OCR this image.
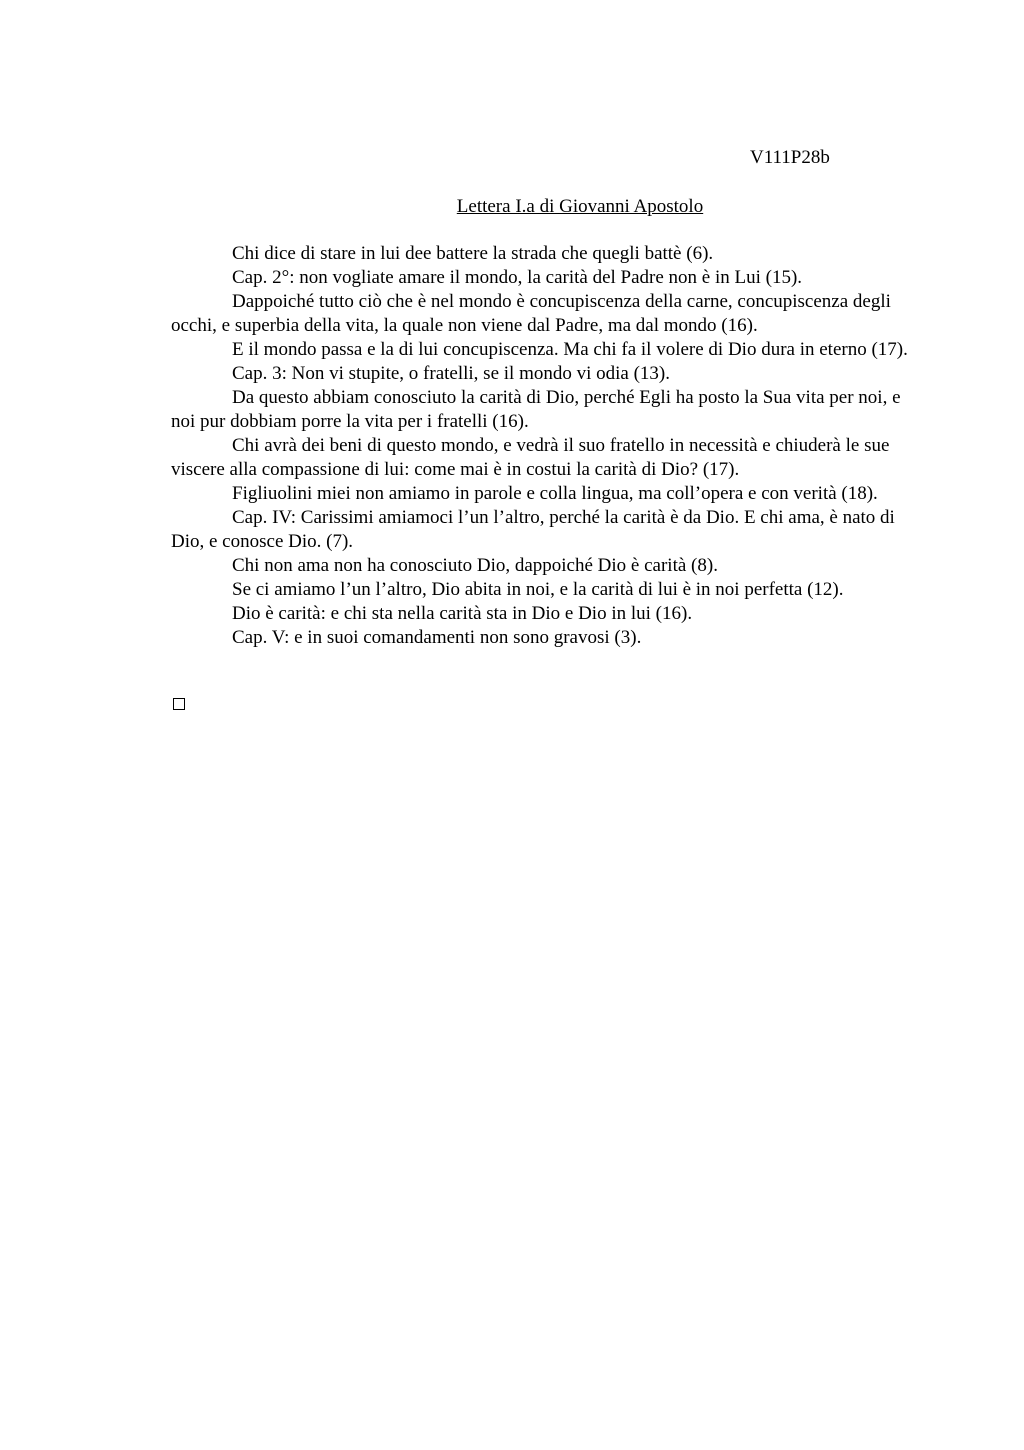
V111P28b
Lettera I.a di Giovanni Apostolo

Chi dice di stare in lui dee battere la strada che quegli battè (6).

Cap. 2°: non vogliate amare il mondo, la carità del Padre non è in Lui (15).

Dappoiché tutto ciò che è nel mondo è concupiscenza della carne, concupiscenza degli occhi, e superbia della vita, la quale non viene dal Padre, ma dal mondo (16).

E il mondo passa e la di lui concupiscenza. Ma chi fa il volere di Dio dura in eterno (17).

Cap. 3: Non vi stupite, o fratelli, se il mondo vi odia (13).

Da questo abbiam conosciuto la carità di Dio, perché Egli ha posto la Sua vita per noi, e noi pur dobbiam porre la vita per i fratelli (16).

Chi avrà dei beni di questo mondo, e vedrà il suo fratello in necessità e chiuderà le sue viscere alla compassione di lui: come mai è in costui la carità di Dio? (17).

Figliuolini miei non amiamo in parole e colla lingua, ma coll’opera e con verità (18).

Cap. IV: Carissimi amiamoci l’un l’altro, perché la carità è da Dio. E chi ama, è nato di Dio, e conosce Dio. (7).

Chi non ama non ha conosciuto Dio, dappoiché Dio è carità (8).

Se ci amiamo l’un l’altro, Dio abita in noi, e la carità di lui è in noi perfetta (12).

Dio è carità: e chi sta nella carità sta in Dio e Dio in lui (16).

Cap. V: e in suoi comandamenti non sono gravosi (3).
